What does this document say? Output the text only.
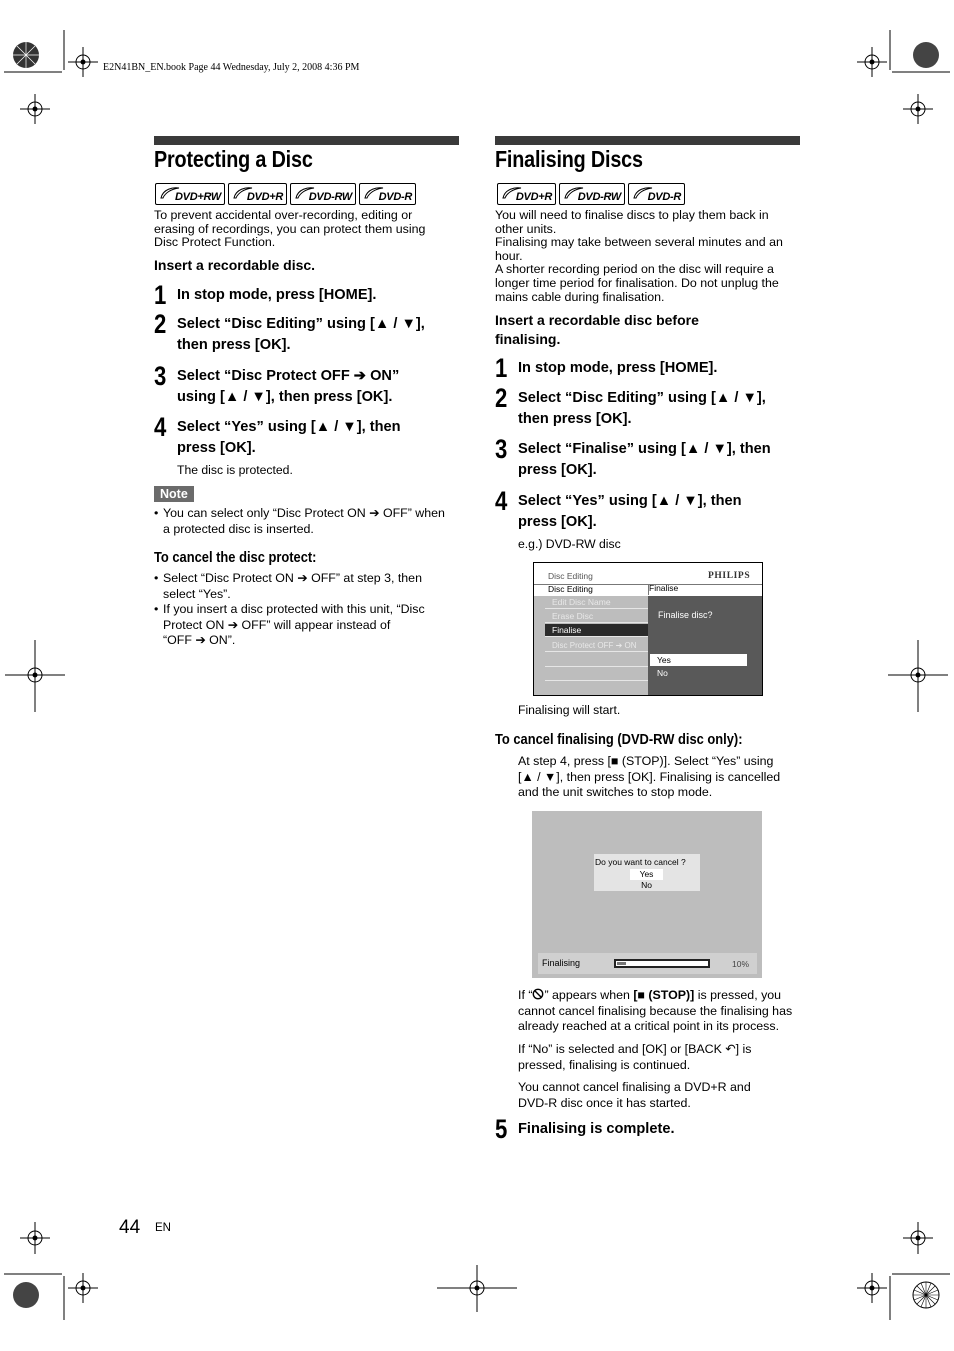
E2N41BN_EN.book Page 44 Wednesday, July 2, 2008 4:36 PM
Protecting a Disc
DVD+RW DVD+R DVD-RW DVD-R
To prevent accidental over-recording, editing or
erasing of recordings, you can protect them using
Disc Protect Function.
Insert a recordable disc.
1 In stop mode, press [HOME].
2 Select “Disc Editing” using [▲ / ▼],
then press [OK].
3 Select “Disc Protect OFF ➔ ON”
using [▲ / ▼], then press [OK].
4 Select “Yes” using [▲ / ▼], then
press [OK].
The disc is protected.
Note
• You can select only “Disc Protect ON ➔ OFF” when
a protected disc is inserted.
To cancel the disc protect:
• Select “Disc Protect ON ➔ OFF” at step 3, then
select “Yes”.
• If you insert a disc protected with this unit, “Disc
Protect ON ➔ OFF” will appear instead of
“OFF ➔ ON”.
Finalising Discs
DVD+R DVD-RW DVD-R
You will need to finalise discs to play them back in
other units.
Finalising may take between several minutes and an
hour.
A shorter recording period on the disc will require a
longer time period for finalisation. Do not unplug the
mains cable during finalisation.
Insert a recordable disc before
finalising.
1 In stop mode, press [HOME].
2 Select “Disc Editing” using [▲ / ▼],
then press [OK].
3 Select “Finalise” using [▲ / ▼], then
press [OK].
4 Select “Yes” using [▲ / ▼], then
press [OK].
e.g.) DVD-RW disc
Disc Editing	PHILIPS
Disc Editing	Finalise
Edit Disc Name
Erase Disc
Finalise
Disc Protect OFF ➔ ON
Finalise disc?
Yes
No
Finalising will start.
To cancel finalising (DVD-RW disc only):
At step 4, press [■ (STOP)]. Select “Yes” using
[▲ / ▼], then press [OK]. Finalising is cancelled
and the unit switches to stop mode.
Do you want to cancel ?
Yes
No
Finalising	10%
If “ ” appears when [■ (STOP)] is pressed, you
cannot cancel finalising because the finalising has
already reached at a critical point in its process.
If “No” is selected and [OK] or [BACK ↶] is
pressed, finalising is continued.
You cannot cancel finalising a DVD+R and
DVD-R disc once it has started.
5 Finalising is complete.
44 EN
